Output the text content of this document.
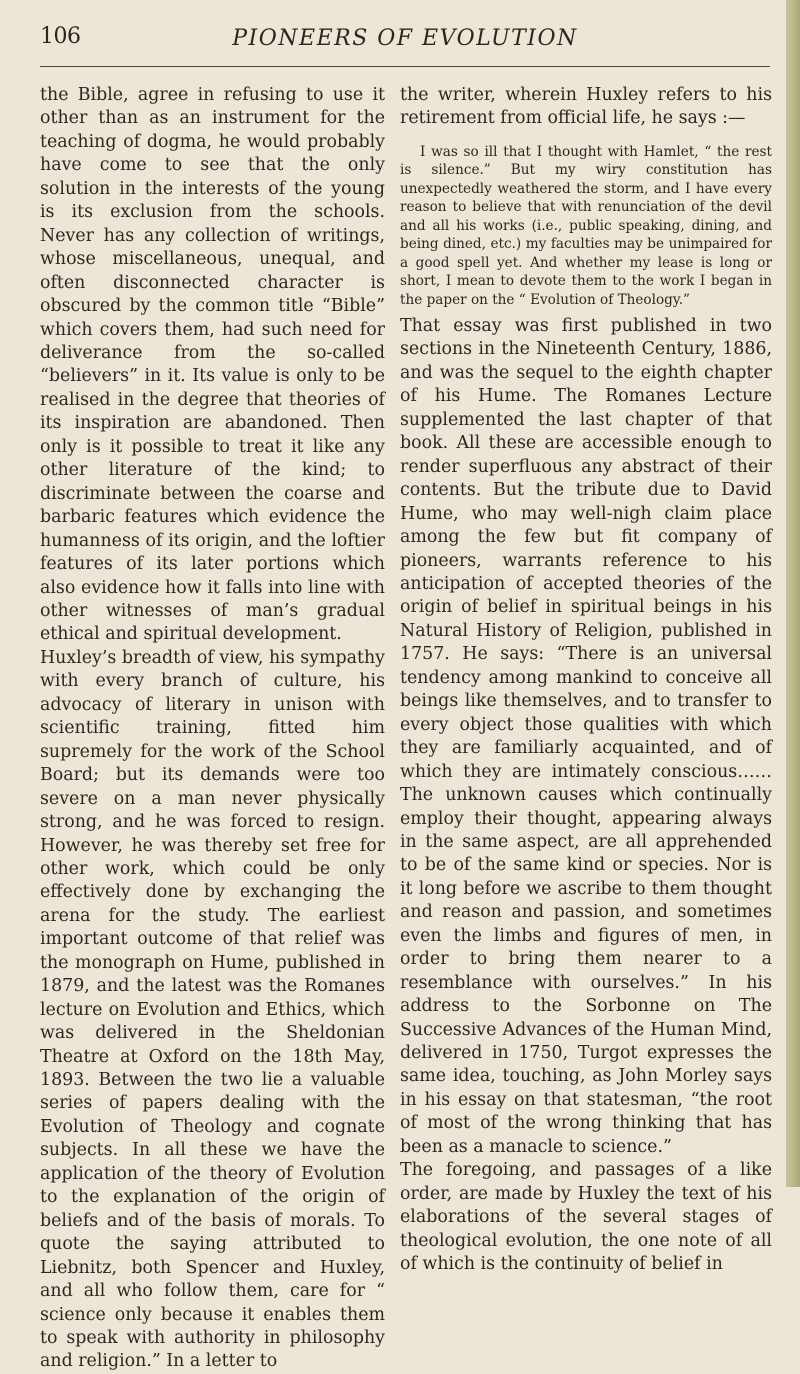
106	PIONEERS OF EVOLUTION

the Bible, agree in refusing to use it other than as an instrument for the teaching of dogma, he would probably have come to see that the only solution in the interests of the young is its exclusion from the schools. Never has any collection of writings, whose miscellaneous, unequal, and often disconnected character is obscured by the common title “Bible” which covers them, had such need for deliverance from the so-called “believers” in it. Its value is only to be realised in the degree that theories of its inspiration are abandoned. Then only is it possible to treat it like any other literature of the kind; to discriminate between the coarse and barbaric features which evidence the humanness of its origin, and the loftier features of its later portions which also evidence how it falls into line with other witnesses of man’s gradual ethical and spiritual development.

Huxley’s breadth of view, his sympathy with every branch of culture, his advocacy of literary in unison with scientific training, fitted him supremely for the work of the School Board; but its demands were too severe on a man never physically strong, and he was forced to resign. However, he was thereby set free for other work, which could be only effectively done by exchanging the arena for the study. The earliest important outcome of that relief was the monograph on Hume, published in 1879, and the latest was the Romanes lecture on Evolution and Ethics, which was delivered in the Sheldonian Theatre at Oxford on the 18th May, 1893. Between the two lie a valuable series of papers dealing with the Evolution of Theology and cognate subjects. In all these we have the application of the theory of Evolution to the explanation of the origin of beliefs and of the basis of morals. To quote the saying attributed to Liebnitz, both Spencer and Huxley, and all who follow them, care for “ science only because it enables them to speak with authority in philosophy and religion.” In a letter to

the writer, wherein Huxley refers to his retirement from official life, he says :—

I was so ill that I thought with Hamlet, “ the rest is silence.” But my wiry constitution has unexpectedly weathered the storm, and I have every reason to believe that with renunciation of the devil and all his works (i.e., public speaking, dining, and being dined, etc.) my faculties may be unimpaired for a good spell yet. And whether my lease is long or short, I mean to devote them to the work I began in the paper on the “ Evolution of Theology.”

That essay was first published in two sections in the Nineteenth Century, 1886, and was the sequel to the eighth chapter of his Hume. The Romanes Lecture supplemented the last chapter of that book. All these are accessible enough to render superfluous any abstract of their contents. But the tribute due to David Hume, who may well-nigh claim place among the few but fit company of pioneers, warrants reference to his anticipation of accepted theories of the origin of belief in spiritual beings in his Natural History of Religion, published in 1757. He says: “There is an universal tendency among mankind to conceive all beings like themselves, and to transfer to every object those qualities with which they are familiarly acquainted, and of which they are intimately conscious……The unknown causes which continually employ their thought, appearing always in the same aspect, are all apprehended to be of the same kind or species. Nor is it long before we ascribe to them thought and reason and passion, and sometimes even the limbs and figures of men, in order to bring them nearer to a resemblance with ourselves.” In his address to the Sorbonne on The Successive Advances of the Human Mind, delivered in 1750, Turgot expresses the same idea, touching, as John Morley says in his essay on that statesman, “the root of most of the wrong thinking that has been as a manacle to science.”

The foregoing, and passages of a like order, are made by Huxley the text of his elaborations of the several stages of theological evolution, the one note of all of which is the continuity of belief in
